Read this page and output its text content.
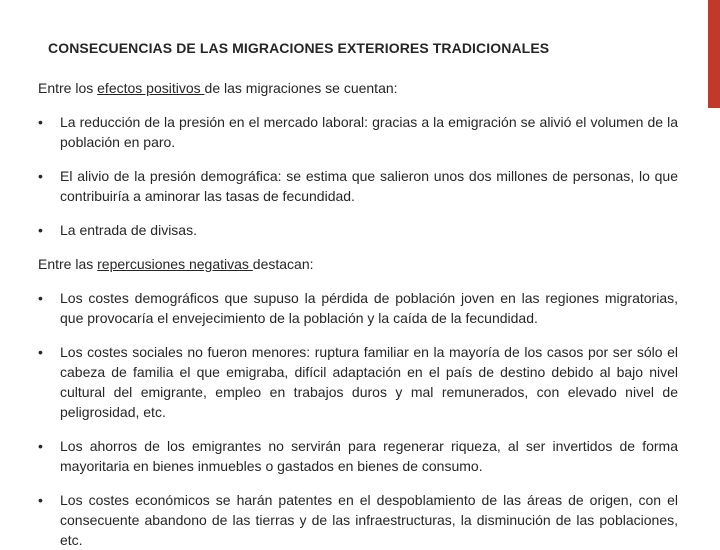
CONSECUENCIAS DE LAS MIGRACIONES EXTERIORES TRADICIONALES

Entre los efectos positivos de las migraciones se cuentan:

• La reducción de la presión en el mercado laboral: gracias a la emigración se alivió el volumen de la población en paro.
• El alivio de la presión demográfica: se estima que salieron unos dos millones de personas, lo que contribuiría a aminorar las tasas de fecundidad.
• La entrada de divisas.

Entre las repercusiones negativas destacan:

• Los costes demográficos que supuso la pérdida de población joven en las regiones migratorias, que provocaría el envejecimiento de la población y la caída de la fecundidad.
• Los costes sociales no fueron menores: ruptura familiar en la mayoría de los casos por ser sólo el cabeza de familia el que emigraba, difícil adaptación en el país de destino debido al bajo nivel cultural del emigrante, empleo en trabajos duros y mal remunerados, con elevado nivel de peligrosidad, etc.
• Los ahorros de los emigrantes no servirán para regenerar riqueza, al ser invertidos de forma mayoritaria en bienes inmuebles o gastados en bienes de consumo.
• Los costes económicos se harán patentes en el despoblamiento de las áreas de origen, con el consecuente abandono de las tierras y de las infraestructuras, la disminución de las poblaciones, etc.
